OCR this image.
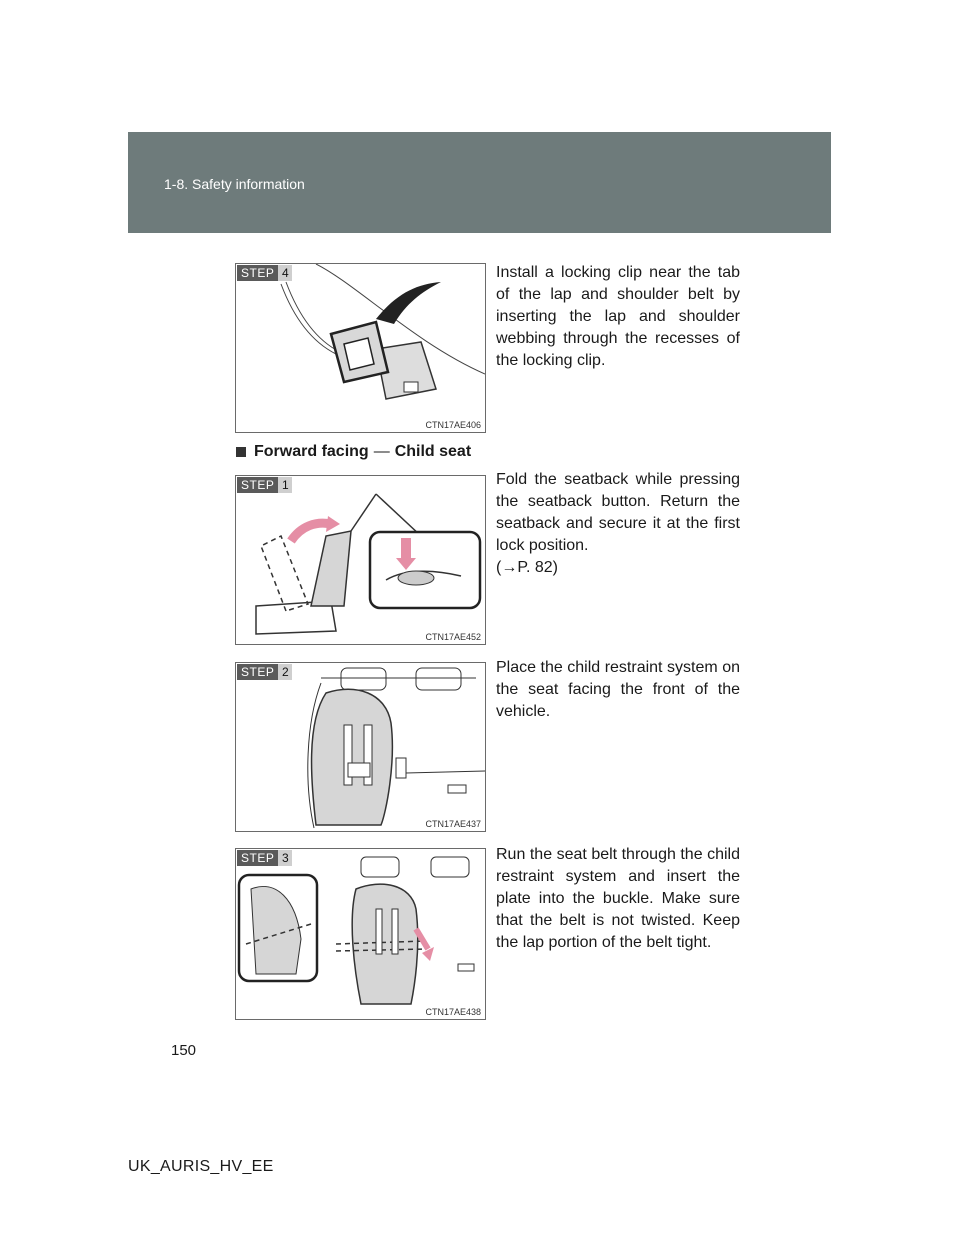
1-8. Safety information
STEP 4
CTN17AE406
Install a locking clip near the tab of the lap and shoulder belt by inserting the lap and shoulder webbing through the recesses of the locking clip.
Forward facing — Child seat
STEP 1
CTN17AE452
Fold the seatback while pressing the seatback button. Return the seatback and secure it at the first lock position.
(→P. 82)
STEP 2
CTN17AE437
Place the child restraint system on the seat facing the front of the vehicle.
STEP 3
CTN17AE438
Run the seat belt through the child restraint system and insert the plate into the buckle. Make sure that the belt is not twisted. Keep the lap portion of the belt tight.
150
UK_AURIS_HV_EE
